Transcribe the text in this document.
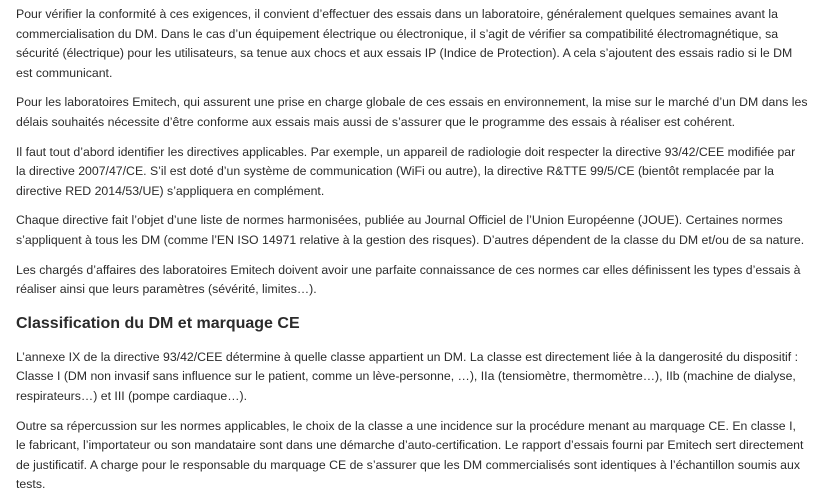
Pour vérifier la conformité à ces exigences, il convient d’effectuer des essais dans un laboratoire, généralement quelques semaines avant la commercialisation du DM. Dans le cas d’un équipement électrique ou électronique, il s’agit de vérifier sa compatibilité électromagnétique, sa sécurité (électrique) pour les utilisateurs, sa tenue aux chocs et aux essais IP (Indice de Protection). A cela s’ajoutent des essais radio si le DM est communicant.

Pour les laboratoires Emitech, qui assurent une prise en charge globale de ces essais en environnement, la mise sur le marché d’un DM dans les délais souhaités nécessite d’être conforme aux essais mais aussi de s’assurer que le programme des essais à réaliser est cohérent.

Il faut tout d’abord identifier les directives applicables. Par exemple, un appareil de radiologie doit respecter la directive 93/42/CEE modifiée par la directive 2007/47/CE. S’il est doté d’un système de communication (WiFi ou autre), la directive R&TTE 99/5/CE (bientôt remplacée par la directive RED 2014/53/UE) s’appliquera en complément.

Chaque directive fait l’objet d’une liste de normes harmonisées, publiée au Journal Officiel de l’Union Européenne (JOUE). Certaines normes s’appliquent à tous les DM (comme l’EN ISO 14971 relative à la gestion des risques). D’autres dépendent de la classe du DM et/ou de sa nature.

Les chargés d’affaires des laboratoires Emitech doivent avoir une parfaite connaissance de ces normes car elles définissent les types d’essais à réaliser ainsi que leurs paramètres (sévérité, limites…).

Classification du DM et marquage CE

L’annexe IX de la directive 93/42/CEE détermine à quelle classe appartient un DM. La classe est directement liée à la dangerosité du dispositif : Classe I (DM non invasif sans influence sur le patient, comme un lève-personne, …), IIa (tensiomètre, thermomètre…), IIb (machine de dialyse, respirateurs…) et III (pompe cardiaque…).

Outre sa répercussion sur les normes applicables, le choix de la classe a une incidence sur la procédure menant au marquage CE. En classe I, le fabricant, l’importateur ou son mandataire sont dans une démarche d’auto-certification. Le rapport d’essais fourni par Emitech sert directement de justificatif. A charge pour le responsable du marquage CE de s’assurer que les DM commercialisés sont identiques à l’échantillon soumis aux tests.
